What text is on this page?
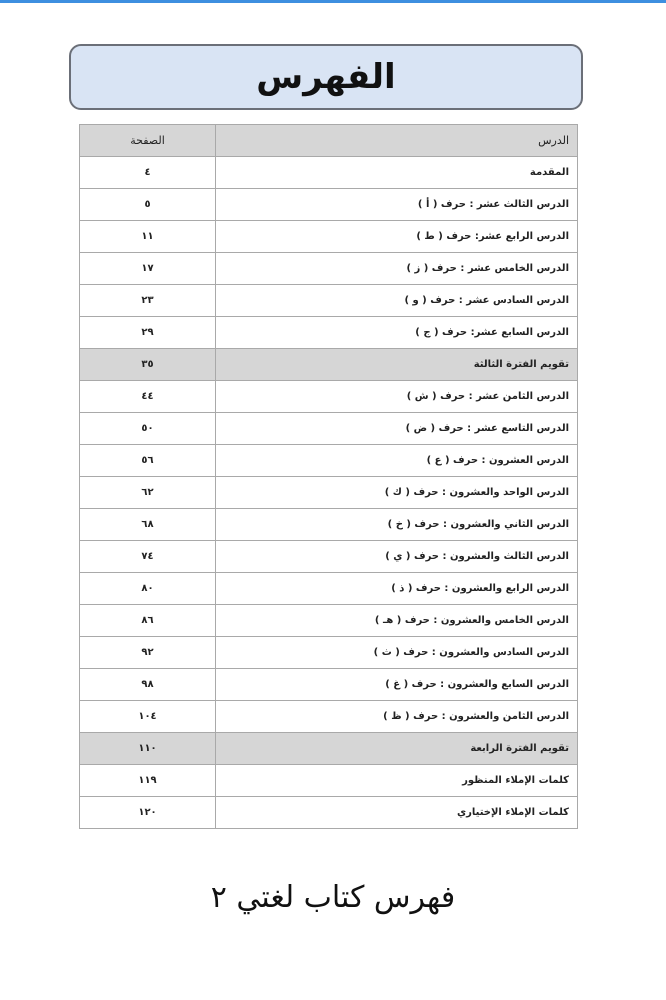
الفهرس
الصفحة	الدرس
٤	المقدمة
٥	الدرس الثالث عشر : حرف ( أ )
١١	الدرس الرابع عشر: حرف ( ط )
١٧	الدرس الخامس عشر : حرف ( ز )
٢٣	الدرس السادس عشر : حرف ( و )
٢٩	الدرس السابع عشر: حرف ( ج )
٣٥	تقويم الفترة الثالثة
٤٤	الدرس الثامن عشر : حرف ( ش )
٥٠	الدرس التاسع عشر : حرف ( ض )
٥٦	الدرس العشرون : حرف ( ع )
٦٢	الدرس الواحد والعشرون : حرف ( ك )
٦٨	الدرس الثاني والعشرون : حرف ( خ )
٧٤	الدرس الثالث والعشرون : حرف ( ي )
٨٠	الدرس الرابع والعشرون : حرف ( ذ )
٨٦	الدرس الخامس والعشرون : حرف ( هـ )
٩٢	الدرس السادس والعشرون : حرف ( ث )
٩٨	الدرس السابع والعشرون : حرف ( غ )
١٠٤	الدرس الثامن والعشرون : حرف ( ظ )
١١٠	تقويم الفترة الرابعة
١١٩	كلمات الإملاء المنظور
١٢٠	كلمات الإملاء الإختياري
فهرس كتاب لغتي ٢
